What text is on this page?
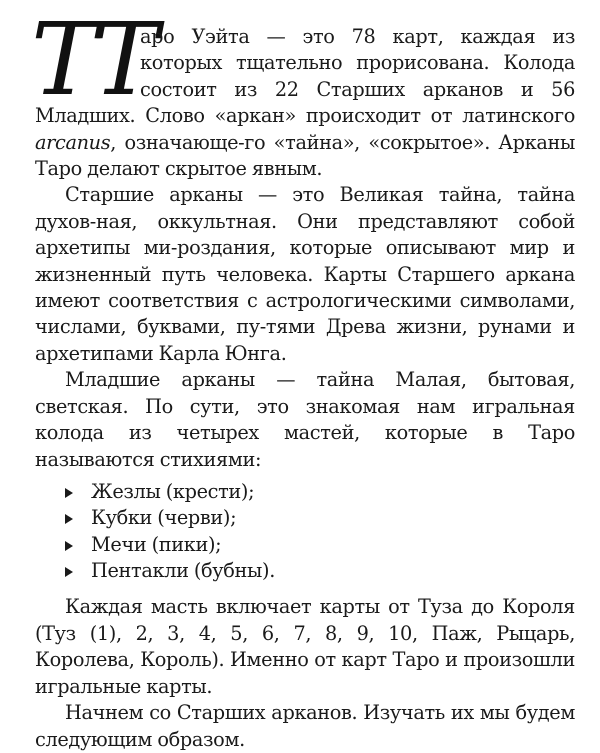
ТТ
аро Уэйта — это 78 карт, каждая из которых тщательно прорисована. Колода состоит из 22 Старших арканов и 56 Младших. Слово «аркан» происходит от латинского arcanus, означающе-го «тайна», «сокрытое». Арканы Таро делают скрытое явным.

Старшие арканы — это Великая тайна, тайна духов-ная, оккультная. Они представляют собой архетипы ми-роздания, которые описывают мир и жизненный путь человека. Карты Старшего аркана имеют соответствия с астрологическими символами, числами, буквами, пу-тями Древа жизни, рунами и архетипами Карла Юнга.

Младшие арканы — тайна Малая, бытовая, светская. По сути, это знакомая нам игральная колода из четырех мастей, которые в Таро называются стихиями:

Жезлы (крести);
Кубки (черви);
Мечи (пики);
Пентакли (бубны).

Каждая масть включает карты от Туза до Короля (Туз (1), 2, 3, 4, 5, 6, 7, 8, 9, 10, Паж, Рыцарь, Королева, Король). Именно от карт Таро и произошли игральные карты.

Начнем со Старших арканов. Изучать их мы будем следующим образом.
